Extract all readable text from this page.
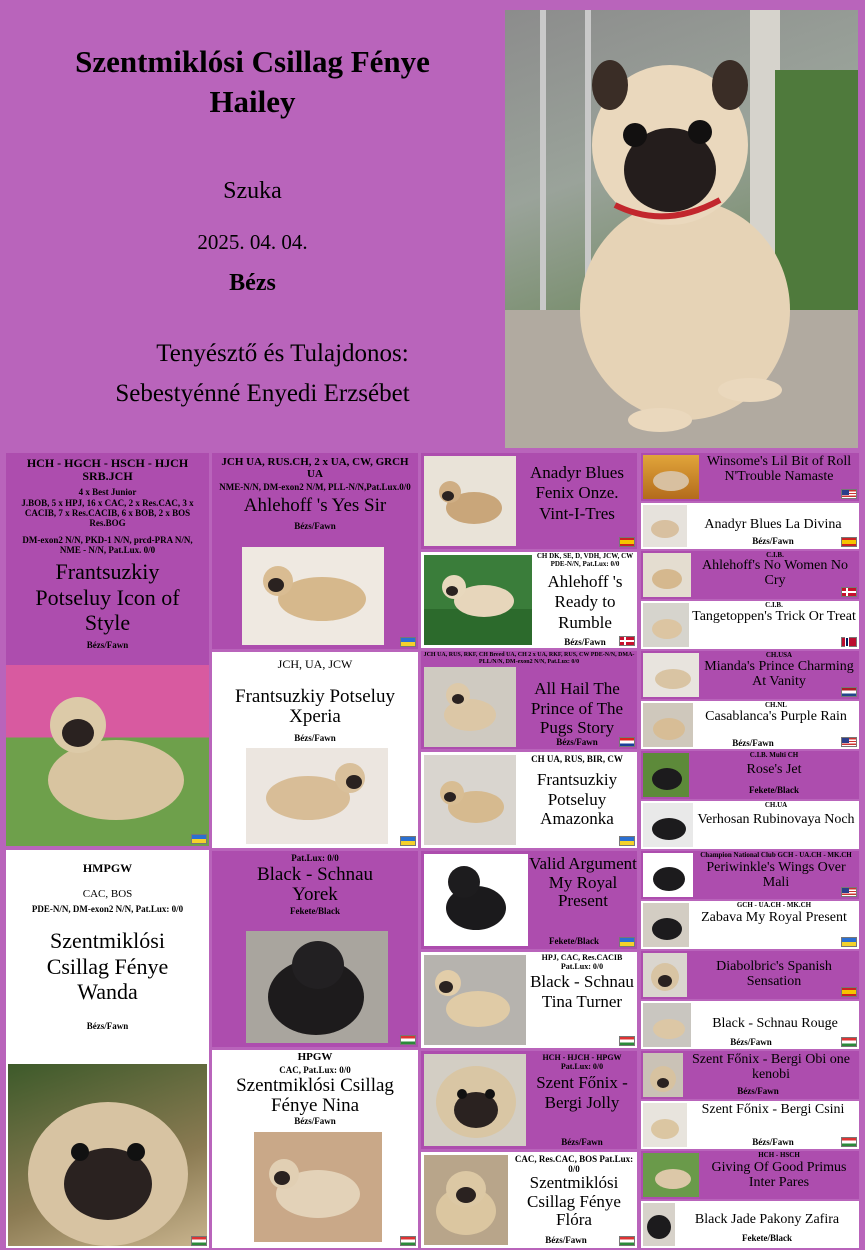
Szentmiklósi Csillag Fénye
Hailey
Szuka
2025. 04. 04.
Bézs
Tenyésztő és Tulajdonos:
Sebestyénné Enyedi Erzsébet
HCH - HGCH - HSCH - HJCH SRB.JCH
4 x Best Junior
J.BOB, 5 x HPJ, 16 x CAC, 2 x Res.CAC, 3 x CACIB, 7 x Res.CACIB, 6 x BOB, 2 x BOS Res.BOG
DM-exon2 N/N, PKD-1 N/N, prcd-PRA N/N, NME - N/N, Pat.Lux. 0/0
Frantsuzkiy Potseluy Icon of Style
Bézs/Fawn
HMPGW
CAC, BOS
PDE-N/N, DM-exon2 N/N, Pat.Lux: 0/0
Szentmiklósi Csillag Fénye Wanda
Bézs/Fawn
JCH UA, RUS.CH, 2 x UA, CW, GRCH UA
NME-N/N, DM-exon2 N/M, PLL-N/N,Pat.Lux.0/0
Ahlehoff 's Yes Sir
Bézs/Fawn
JCH, UA, JCW
Frantsuzkiy Potseluy Xperia
Bézs/Fawn
Pat.Lux: 0/0
Black - Schnau Yorek
Fekete/Black
HPGW
CAC, Pat.Lux: 0/0
Szentmiklósi Csillag Fénye Nina
Bézs/Fawn
Anadyr Blues Fenix Onze. Vint-I-Tres
CH DK, SE, D, VDH, JCW, CW PDE-N/N, Pat.Lux: 0/0
Ahlehoff 's Ready to Rumble
Bézs/Fawn
JCH UA, RUS, RKF, CH Breed UA, CH 2 x UA, RKF, RUS, CW PDE-N/N, DMA-PLL/N/N, DM-exon2 N/N, Pat.Lux: 0/0
All Hail The Prince of The Pugs Story
Bézs/Fawn
CH UA, RUS, BIR, CW
Frantsuzkiy Potseluy Amazonka
Valid Argument My Royal Present
Fekete/Black
HPJ, CAC, Res.CACIB Pat.Lux: 0/0
Black - Schnau Tina Turner
HCH - HJCH - HPGW Pat.Lux: 0/0
Szent Főnix - Bergi Jolly
Bézs/Fawn
CAC, Res.CAC, BOS Pat.Lux: 0/0
Szentmiklósi Csillag Fénye Flóra
Bézs/Fawn
Winsome's Lil Bit of Roll N'Trouble Namaste
Anadyr Blues La Divina
Bézs/Fawn
C.I.B.
Ahlehoff's No Women No Cry
C.I.B.
Tangetoppen's Trick Or Treat
CH.USA
Mianda's Prince Charming At Vanity
CH.NL
Casablanca's Purple Rain
Bézs/Fawn
C.I.B. Multi CH
Rose's Jet
Fekete/Black
CH.UA
Verhosan Rubinovaya Noch
Champion National Club GCH - UA.CH - MK.CH
Periwinkle's Wings Over Mali
GCH - UA.CH - MK.CH
Zabava My Royal Present
Diabolbric's Spanish Sensation
Black - Schnau Rouge
Bézs/Fawn
Szent Főnix - Bergi Obi one kenobi
Bézs/Fawn
Szent Főnix - Bergi Csini
Bézs/Fawn
HCH - HSCH
Giving Of Good Primus Inter Pares
Black Jade Pakony Zafira
Fekete/Black
